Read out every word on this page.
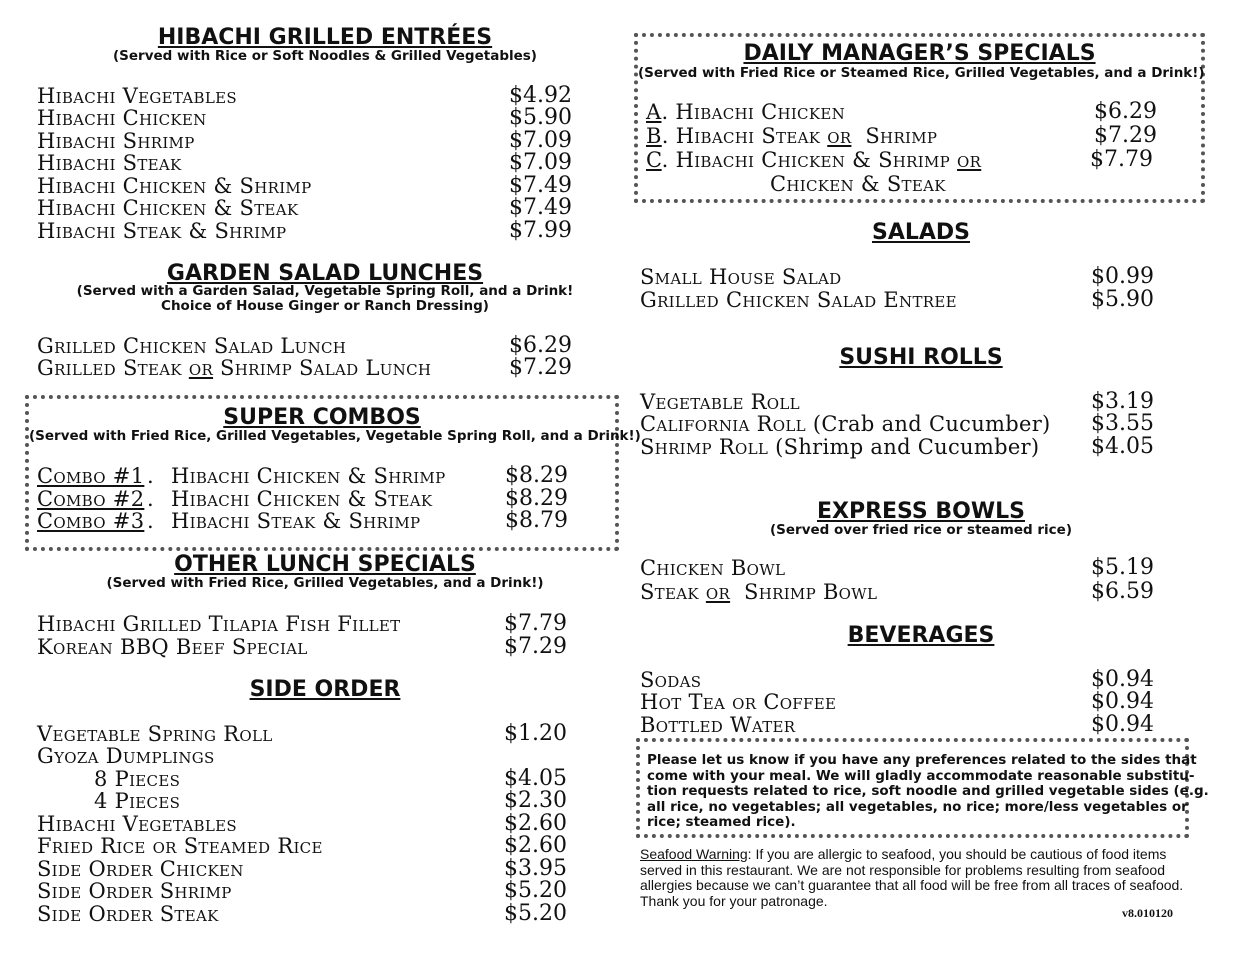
HIBACHI GRILLED ENTRÉES
(Served with Rice or Soft Noodles & Grilled Vegetables)
Hibachi Vegetables	$4.92
Hibachi Chicken	$5.90
Hibachi Shrimp	$7.09
Hibachi Steak	$7.09
Hibachi Chicken & Shrimp	$7.49
Hibachi Chicken & Steak	$7.49
Hibachi Steak & Shrimp	$7.99
GARDEN SALAD LUNCHES
(Served with a Garden Salad, Vegetable Spring Roll, and a Drink!
Choice of House Ginger or Ranch Dressing)
Grilled Chicken Salad Lunch	$6.29
Grilled Steak or Shrimp Salad Lunch	$7.29
SUPER COMBOS
(Served with Fried Rice, Grilled Vegetables, Vegetable Spring Roll, and a Drink!)
Combo #1 . Hibachi Chicken & Shrimp	$8.29
Combo #2 . Hibachi Chicken & Steak	$8.29
Combo #3 . Hibachi Steak & Shrimp	$8.79
OTHER LUNCH SPECIALS
(Served with Fried Rice, Grilled Vegetables, and a Drink!)
Hibachi Grilled Tilapia Fish Fillet	$7.79
Korean BBQ Beef Special	$7.29
SIDE ORDER
Vegetable Spring Roll	$1.20
Gyoza Dumplings
8 Pieces	$4.05
4 Pieces	$2.30
Hibachi Vegetables	$2.60
Fried Rice or Steamed Rice	$2.60
Side Order Chicken	$3.95
Side Order Shrimp	$5.20
Side Order Steak	$5.20
DAILY MANAGER’S SPECIALS
(Served with Fried Rice or Steamed Rice, Grilled Vegetables, and a Drink!)
A. Hibachi Chicken	$6.29
B. Hibachi Steak or Shrimp	$7.29
C. Hibachi Chicken & Shrimp or
Chicken & Steak
$7.79
SALADS
Small House Salad	$0.99
Grilled Chicken Salad Entree	$5.90
SUSHI ROLLS
Vegetable Roll	$3.19
California Roll (Crab and Cucumber) $3.55
Shrimp Roll (Shrimp and Cucumber) $4.05
EXPRESS BOWLS
(Served over fried rice or steamed rice)
Chicken Bowl	$5.19
Steak or Shrimp Bowl	$6.59
BEVERAGES
Sodas	$0.94
Hot Tea or Coffee	$0.94
Bottled Water	$0.94
Please let us know if you have any preferences related to the sides that
come with your meal. We will gladly accommodate reasonable substitu-
tion requests related to rice, soft noodle and grilled vegetable sides (e.g.
all rice, no vegetables; all vegetables, no rice; more/less vegetables or
rice; steamed rice).
Seafood Warning: If you are allergic to seafood, you should be cautious of food items
served in this restaurant. We are not responsible for problems resulting from seafood
allergies because we can’t guarantee that all food will be free from all traces of seafood.
Thank you for your patronage.
v8.010120
